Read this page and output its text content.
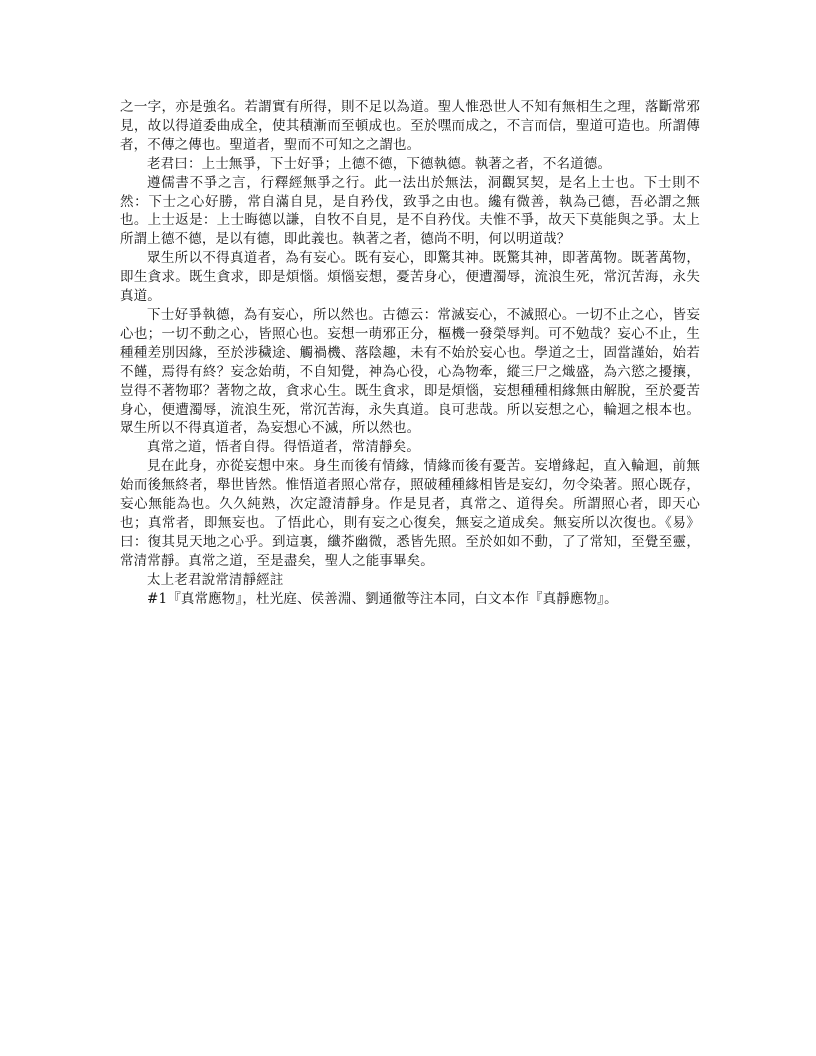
之一字，亦是強名。若謂實有所得，則不足以為道。聖人惟恐世人不知有無相生之理，落斷常邪見，故以得道委曲成全，使其積漸而至頓成也。至於嘿而成之，不言而信，聖道可造也。所謂傳者，不傳之傳也。聖道者，聖而不可知之之謂也。

老君曰：上士無爭，下士好爭；上德不德，下德執德。執著之者，不名道德。

遵儒書不爭之言，行釋經無爭之行。此一法出於無法，洞觀冥契，是名上士也。下士則不然：下士之心好勝，常自滿自見，是自矜伐，致爭之由也。纔有微善，執為己德，吾必謂之無也。上士返是：上士晦德以謙，自牧不自見，是不自矜伐。夫惟不爭，故天下莫能與之爭。太上所謂上德不德，是以有德，即此義也。執著之者，德尚不明，何以明道哉？

眾生所以不得真道者，為有妄心。既有妄心，即驚其神。既驚其神，即著萬物。既著萬物，即生貪求。既生貪求，即是煩惱。煩惱妄想，憂苦身心，便遭濁辱，流浪生死，常沉苦海，永失真道。

下士好爭執德，為有妄心，所以然也。古德云：常滅妄心，不滅照心。一切不止之心，皆妄心也；一切不動之心，皆照心也。妄想一萌邪正分，樞機一發榮辱判。可不勉哉？妄心不止，生種種差別因緣，至於涉穢途、觸禍機、落陰趣，未有不始於妄心也。學道之士，固當謹始，始若不饉，焉得有終？妄念始萌，不自知覺，神為心役，心為物牽，縱三尸之熾盛，為六慾之擾攘，豈得不著物耶？著物之故，貪求心生。既生貪求，即是煩惱，妄想種種相緣無由解脫，至於憂苦身心，便遭濁辱，流浪生死，常沉苦海，永失真道。良可悲哉。所以妄想之心，輪迴之根本也。眾生所以不得真道者，為妄想心不滅，所以然也。

真常之道，悟者自得。得悟道者，常清靜矣。

見在此身，亦從妄想中來。身生而後有情緣，情緣而後有憂苦。妄增緣起，直入輪迴，前無始而後無終者，舉世皆然。惟悟道者照心常存，照破種種緣相皆是妄幻，勿令染著。照心既存，妄心無能為也。久久純熟，次定證清靜身。作是見者，真常之、道得矣。所謂照心者，即天心也；真常者，即無妄也。了悟此心，則有妄之心復矣，無妄之道成矣。無妄所以次復也。《易》曰：復其見天地之心乎。到這裏，纖芥幽微，悉皆先照。至於如如不動，了了常知，至覺至靈，常清常靜。真常之道，至是盡矣，聖人之能事畢矣。

太上老君說常清靜經註

#1『真常應物』，杜光庭、侯善淵、劉通徹等注本同，白文本作『真靜應物』。
